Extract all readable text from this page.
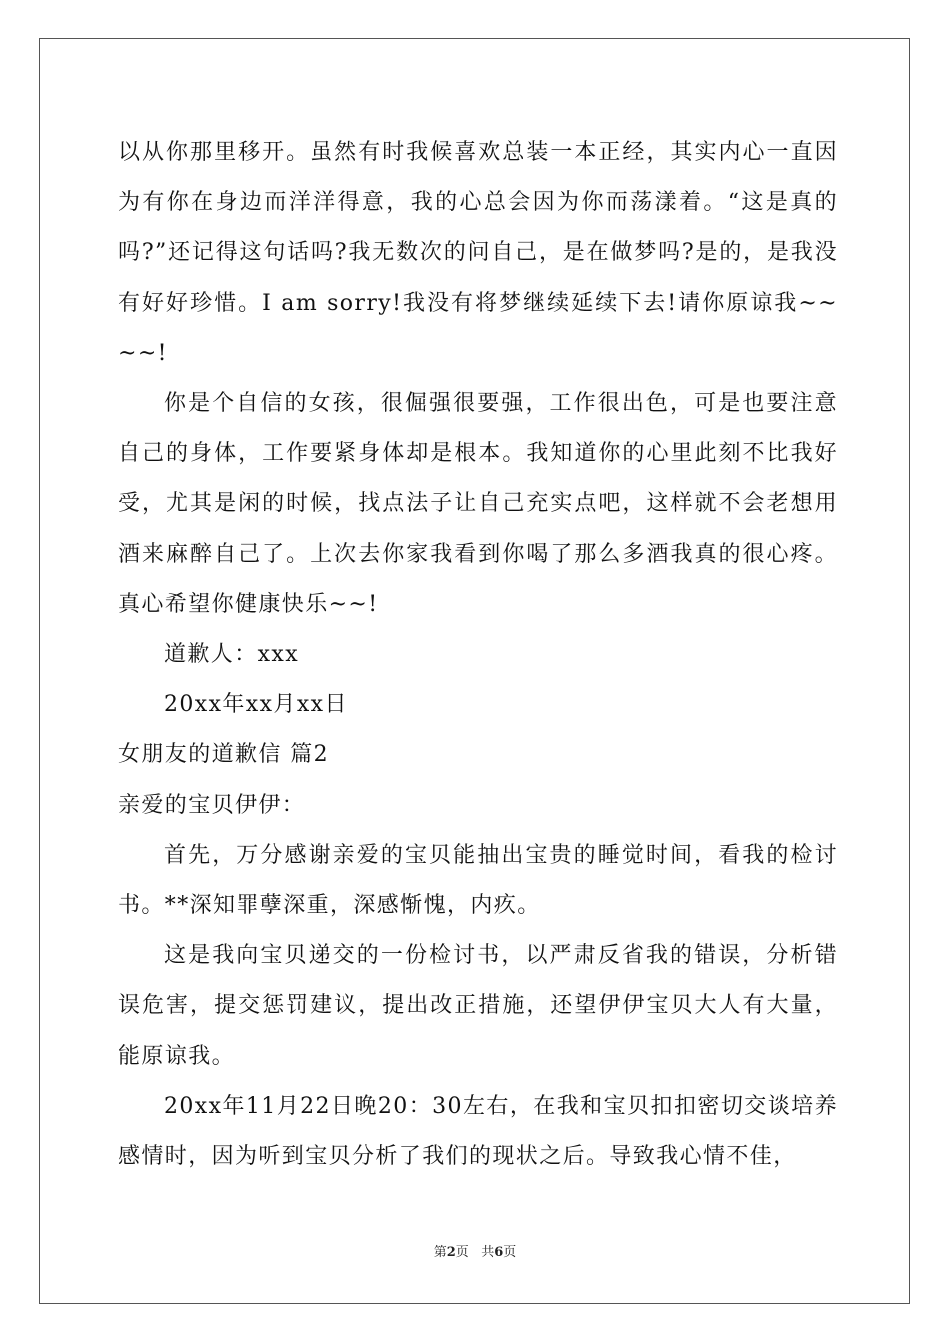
以从你那里移开。虽然有时我候喜欢总装一本正经，其实内心一直因为有你在身边而洋洋得意，我的心总会因为你而荡漾着。“这是真的吗?”还记得这句话吗?我无数次的问自己，是在做梦吗?是的，是我没有好好珍惜。I am sorry!我没有将梦继续延续下去!请你原谅我~~~~!

你是个自信的女孩，很倔强很要强，工作很出色，可是也要注意自己的身体，工作要紧身体却是根本。我知道你的心里此刻不比我好受，尤其是闲的时候，找点法子让自己充实点吧，这样就不会老想用酒来麻醉自己了。上次去你家我看到你喝了那么多酒我真的很心疼。真心希望你健康快乐~~!

道歉人：xxx

20xx年xx月xx日

女朋友的道歉信 篇2

亲爱的宝贝伊伊：

首先，万分感谢亲爱的宝贝能抽出宝贵的睡觉时间，看我的检讨书。**深知罪孽深重，深感惭愧，内疚。

这是我向宝贝递交的一份检讨书，以严肃反省我的错误，分析错误危害，提交惩罚建议，提出改正措施，还望伊伊宝贝大人有大量，能原谅我。

20xx年11月22日晚20：30左右，在我和宝贝扣扣密切交谈培养感情时，因为听到宝贝分析了我们的现状之后。导致我心情不佳，

第2页 共6页
